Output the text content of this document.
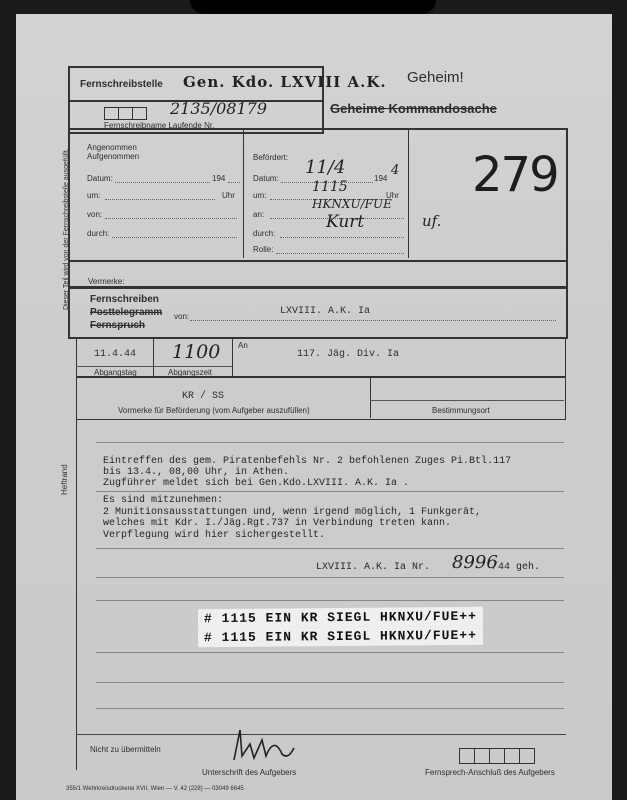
Dieser Teil wird von der Fernschreibstelle ausgefüllt.
Heftrand
Fernschreibstelle Gen. Kdo. LXVIII A.K.
2135/08179
Fernschreibname Laufende Nr.
Geheim!
Geheime Kommandosache
Angenommen
Aufgenommen
Datum:	194
um:	Uhr
von:
durch:
Befördert:
Datum:
11/4
194
4
um:
1115
Uhr
an:
HKNXU/FUE
durch:
Kurt
Rolle:
279
uf.
Vermerke:
Fernschreiben
Posttelegramm
Fernspruch
von:	LXVIII. A.K. Ia
11.4.44
Abgangstag
1100
Abgangszeit
An
117. Jäg. Div. Ia
KR / SS
Vormerke für Beförderung (vom Aufgeber auszufüllen)	Bestimmungsort
Eintreffen des gem. Piratenbefehls Nr. 2 befohlenen Zuges Pi.Btl.117
bis 13.4., 08,00 Uhr, in Athen.
Zugführer meldet sich bei Gen.Kdo.LXVIII. A.K. Ia .
Es sind mitzunehmen:
2 Munitionsausstattungen und, wenn irgend möglich, 1 Funkgerät,
welches mit Kdr. I./Jäg.Rgt.737 in Verbindung treten kann.
Verpflegung wird hier sichergestellt.
LXVIII. A.K. Ia Nr. 8996
/44 geh.
# 1115 EIN KR SIEGL HKNXU/FUE++
# 1115 EIN KR SIEGL HKNXU/FUE++
Nicht zu übermitteln
Unterschrift des Aufgebers	Fernsprech-Anschluß des Aufgebers
355/1 Wehrkreisdruckerei XVII, Wien — V. 42 (228) — 03049 6645
